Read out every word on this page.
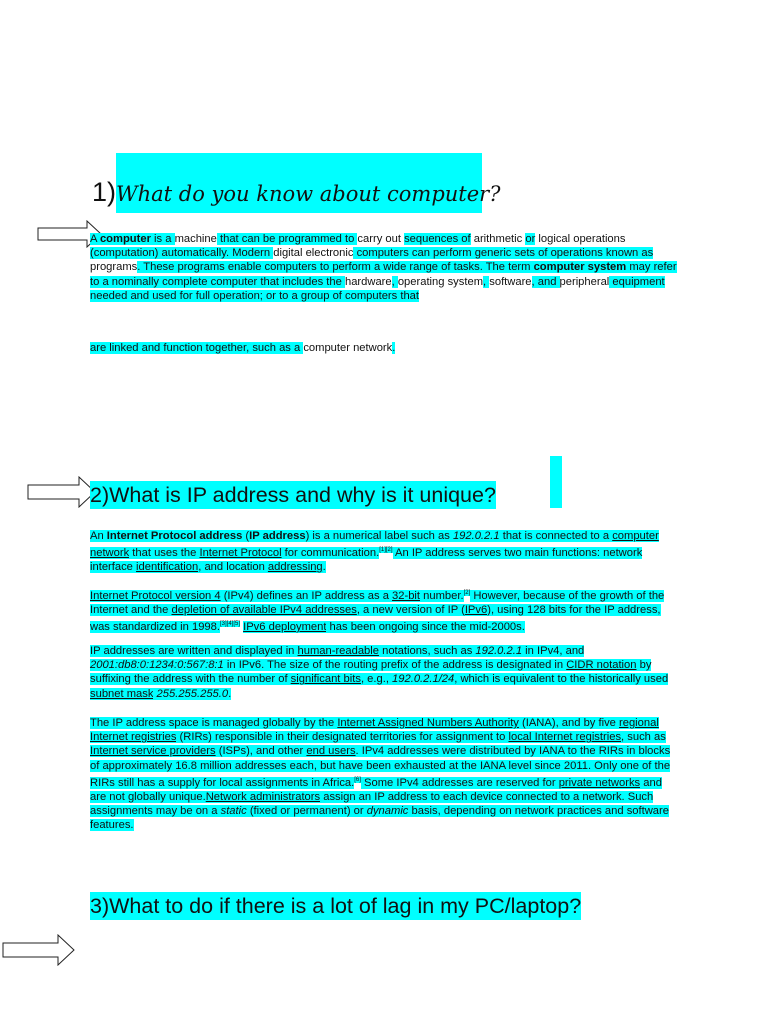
1)What do you know about computer?
A computer is a machine that can be programmed to carry out sequences of arithmetic or logical operations (computation) automatically. Modern digital electronic computers can perform generic sets of operations known as programs. These programs enable computers to perform a wide range of tasks. The term computer system may refer to a nominally complete computer that includes the hardware, operating system, software, and peripheral equipment needed and used for full operation; or to a group of computers that
are linked and function together, such as a computer network.
2)What is IP address and why is it unique?
An Internet Protocol address (IP address) is a numerical label such as 192.0.2.1 that is connected to a computer network that uses the Internet Protocol for communication.[1][2] An IP address serves two main functions: network interface identification, and location addressing.
Internet Protocol version 4 (IPv4) defines an IP address as a 32-bit number.[2] However, because of the growth of the Internet and the depletion of available IPv4 addresses, a new version of IP (IPv6), using 128 bits for the IP address, was standardized in 1998.[3][4][5] IPv6 deployment has been ongoing since the mid-2000s.
IP addresses are written and displayed in human-readable notations, such as 192.0.2.1 in IPv4, and 2001:db8:0:1234:0:567:8:1 in IPv6. The size of the routing prefix of the address is designated in CIDR notation by suffixing the address with the number of significant bits, e.g., 192.0.2.1/24, which is equivalent to the historically used subnet mask 255.255.255.0.
The IP address space is managed globally by the Internet Assigned Numbers Authority (IANA), and by five regional Internet registries (RIRs) responsible in their designated territories for assignment to local Internet registries, such as Internet service providers (ISPs), and other end users. IPv4 addresses were distributed by IANA to the RIRs in blocks of approximately 16.8 million addresses each, but have been exhausted at the IANA level since 2011. Only one of the RIRs still has a supply for local assignments in Africa.[6] Some IPv4 addresses are reserved for private networks and are not globally unique.Network administrators assign an IP address to each device connected to a network. Such assignments may be on a static (fixed or permanent) or dynamic basis, depending on network practices and software features.
3)What to do if there is a lot of lag in my PC/laptop?
